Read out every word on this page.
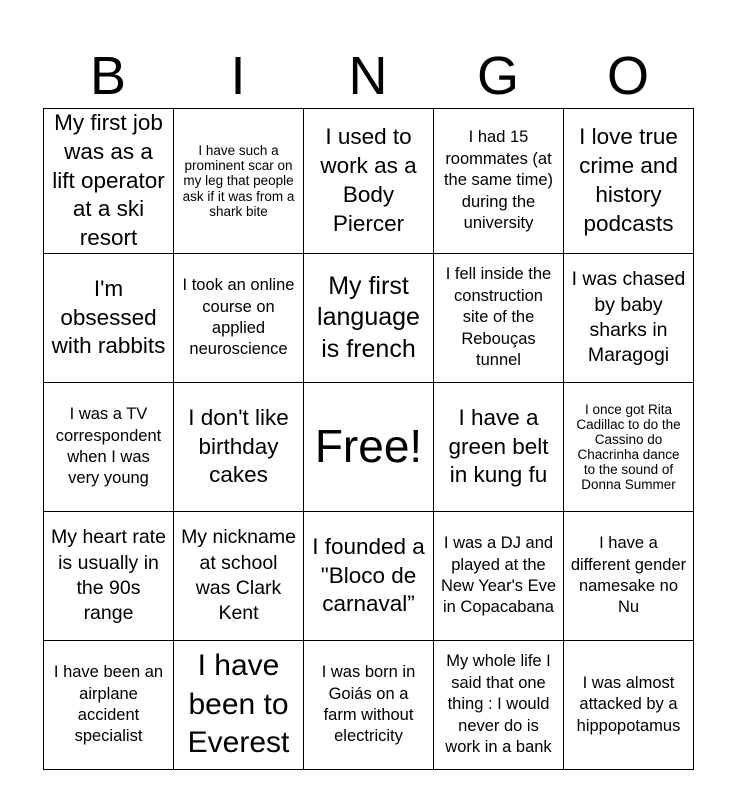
B	I	N	G	O
My first job was as a lift operator at a ski resort	I have such a prominent scar on my leg that people ask if it was from a shark bite	I used to work as a Body Piercer	I had 15 roommates (at the same time) during the university	I love true crime and history podcasts
I'm obsessed with rabbits	I took an online course on applied neuroscience	My first language is french	I fell inside the construction site of the Rebouças tunnel	I was chased by baby sharks in Maragogi
I was a TV correspondent when I was very young	I don't like birthday cakes	Free!	I have a green belt in kung fu	I once got Rita Cadillac to do the Cassino do Chacrinha dance to the sound of Donna Summer
My heart rate is usually in the 90s range	My nickname at school was Clark Kent	I founded a "Bloco de carnaval”	I was a DJ and played at the New Year's Eve in Copacabana	I have a different gender namesake no Nu
I have been an airplane accident specialist	I have been to Everest	I was born in Goiás on a farm without electricity	My whole life I said that one thing : I would never do is work in a bank	I was almost attacked by a hippopotamus
